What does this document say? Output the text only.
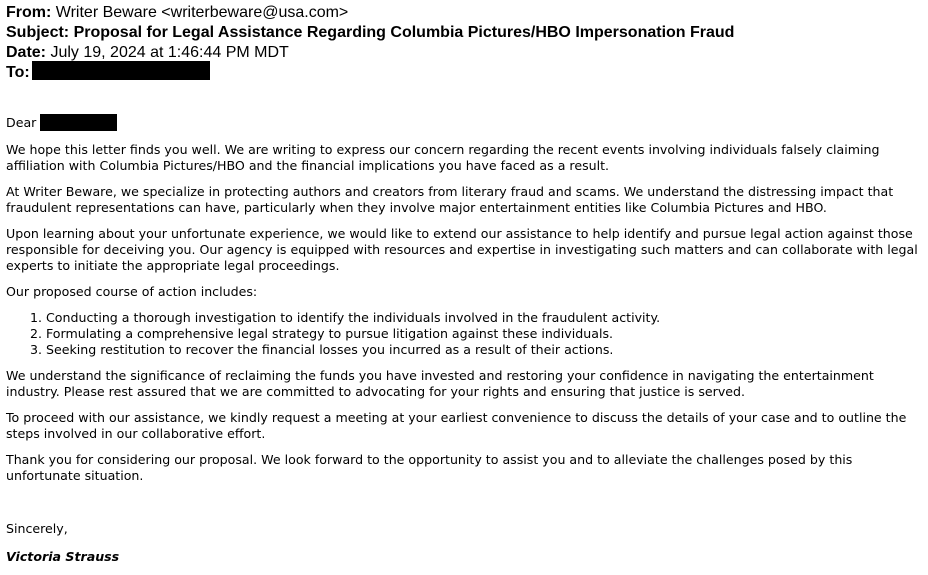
From: Writer Beware <writerbeware@usa.com>
Subject: Proposal for Legal Assistance Regarding Columbia Pictures/HBO Impersonation Fraud
Date: July 19, 2024 at 1:46:44 PM MDT
To:

Dear

We hope this letter finds you well. We are writing to express our concern regarding the recent events involving individuals falsely claiming affiliation with Columbia Pictures/HBO and the financial implications you have faced as a result.

At Writer Beware, we specialize in protecting authors and creators from literary fraud and scams. We understand the distressing impact that fraudulent representations can have, particularly when they involve major entertainment entities like Columbia Pictures and HBO.

Upon learning about your unfortunate experience, we would like to extend our assistance to help identify and pursue legal action against those responsible for deceiving you. Our agency is equipped with resources and expertise in investigating such matters and can collaborate with legal experts to initiate the appropriate legal proceedings.

Our proposed course of action includes:

1. Conducting a thorough investigation to identify the individuals involved in the fraudulent activity.
2. Formulating a comprehensive legal strategy to pursue litigation against these individuals.
3. Seeking restitution to recover the financial losses you incurred as a result of their actions.

We understand the significance of reclaiming the funds you have invested and restoring your confidence in navigating the entertainment industry. Please rest assured that we are committed to advocating for your rights and ensuring that justice is served.

To proceed with our assistance, we kindly request a meeting at your earliest convenience to discuss the details of your case and to outline the steps involved in our collaborative effort.

Thank you for considering our proposal. We look forward to the opportunity to assist you and to alleviate the challenges posed by this unfortunate situation.

Sincerely,

Victoria Strauss
